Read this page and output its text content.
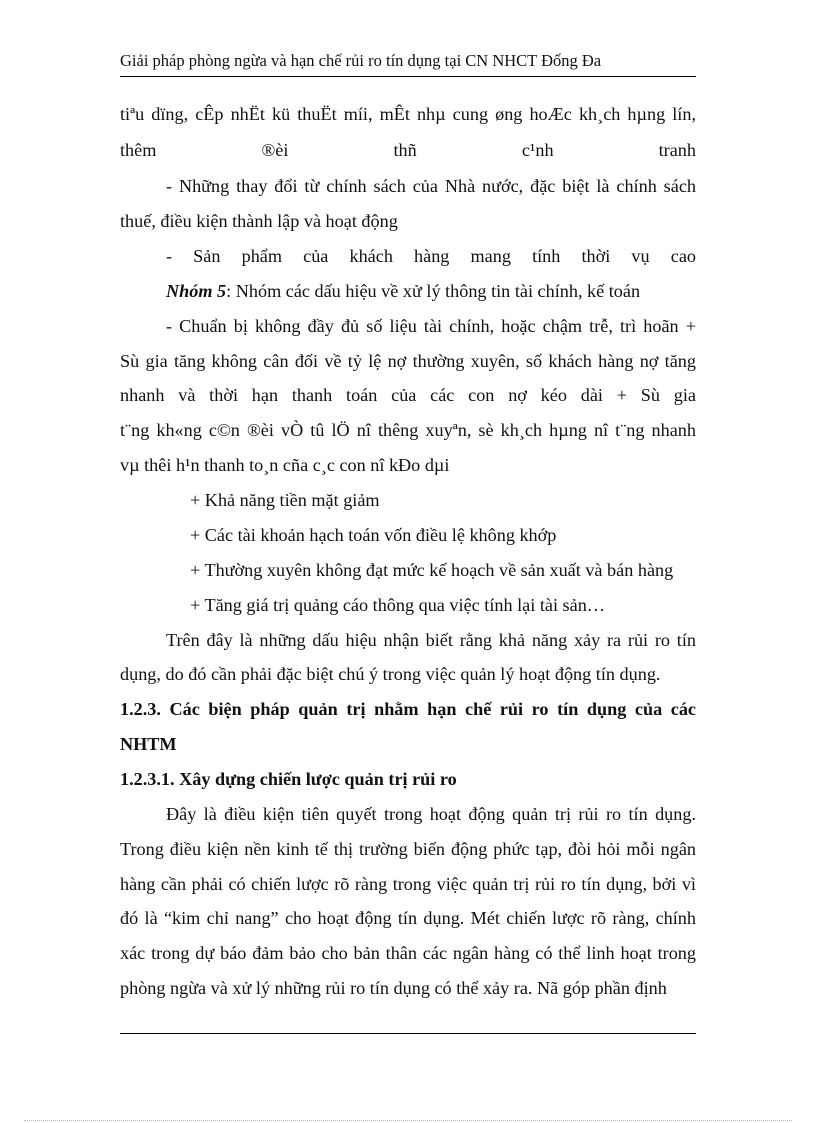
Giải pháp phòng ngừa và hạn chế rủi ro tín dụng tại CN NHCT Đống Đa
tiªu dïng, cÊp nhËt kü thuËt míi, mÊt nhµ cung øng hoÆc kh¸ch hµng lín,
thêm ®èi thñ c¹nh tranh
- Những thay đổi từ chính sách của Nhà nước, đặc biệt là chính sách
thuế, điều kiện thành lập và hoạt động
- Sản phẩm của khách hàng mang tính thời vụ cao
Nhóm 5: Nhóm các dấu hiệu về xử lý thông tin tài chính, kế toán
- Chuẩn bị không đầy đủ số liệu tài chính, hoặc chậm trễ, trì hoãn +
Sù gia tăng không cân đối về tỷ lệ nợ thường xuyên, số khách hàng nợ tăng
nhanh và thời hạn thanh toán của các con nợ kéo dài + Sù gia
t¨ng kh«ng c©n ®èi vÒ tû lÖ nî thêng xuyªn, sè kh¸ch hµng nî t¨ng nhanh
vµ thêi h¹n thanh to¸n cña c¸c con nî kÐo dµi
+ Khả năng tiền mặt giảm
+ Các tài khoản hạch toán vốn điều lệ không khớp
+ Thường xuyên không đạt mức kế hoạch về sản xuất và bán hàng
+ Tăng giá trị quảng cáo thông qua việc tính lại tài sản…
Trên đây là những dấu hiệu nhận biết rằng khả năng xảy ra rủi ro tín
dụng, do đó cần phải đặc biệt chú ý trong việc quản lý hoạt động tín dụng.
1.2.3. Các biện pháp quản trị nhằm hạn chế rủi ro tín dụng của các
NHTM
1.2.3.1. Xây dựng chiến lược quản trị rủi ro
Đây là điều kiện tiên quyết trong hoạt động quản trị rủi ro tín dụng.
Trong điều kiện nền kinh tế thị trường biến động phức tạp, đòi hỏi mỗi ngân
hàng cần phải có chiến lược rõ ràng trong việc quản trị rủi ro tín dụng, bởi vì
đó là “kim chỉ nang” cho hoạt động tín dụng. Mét chiến lược rõ ràng, chính
xác trong dự báo đảm bảo cho bản thân các ngân hàng có thể linh hoạt trong
phòng ngừa và xử lý những rủi ro tín dụng có thể xảy ra. Nã góp phần định
